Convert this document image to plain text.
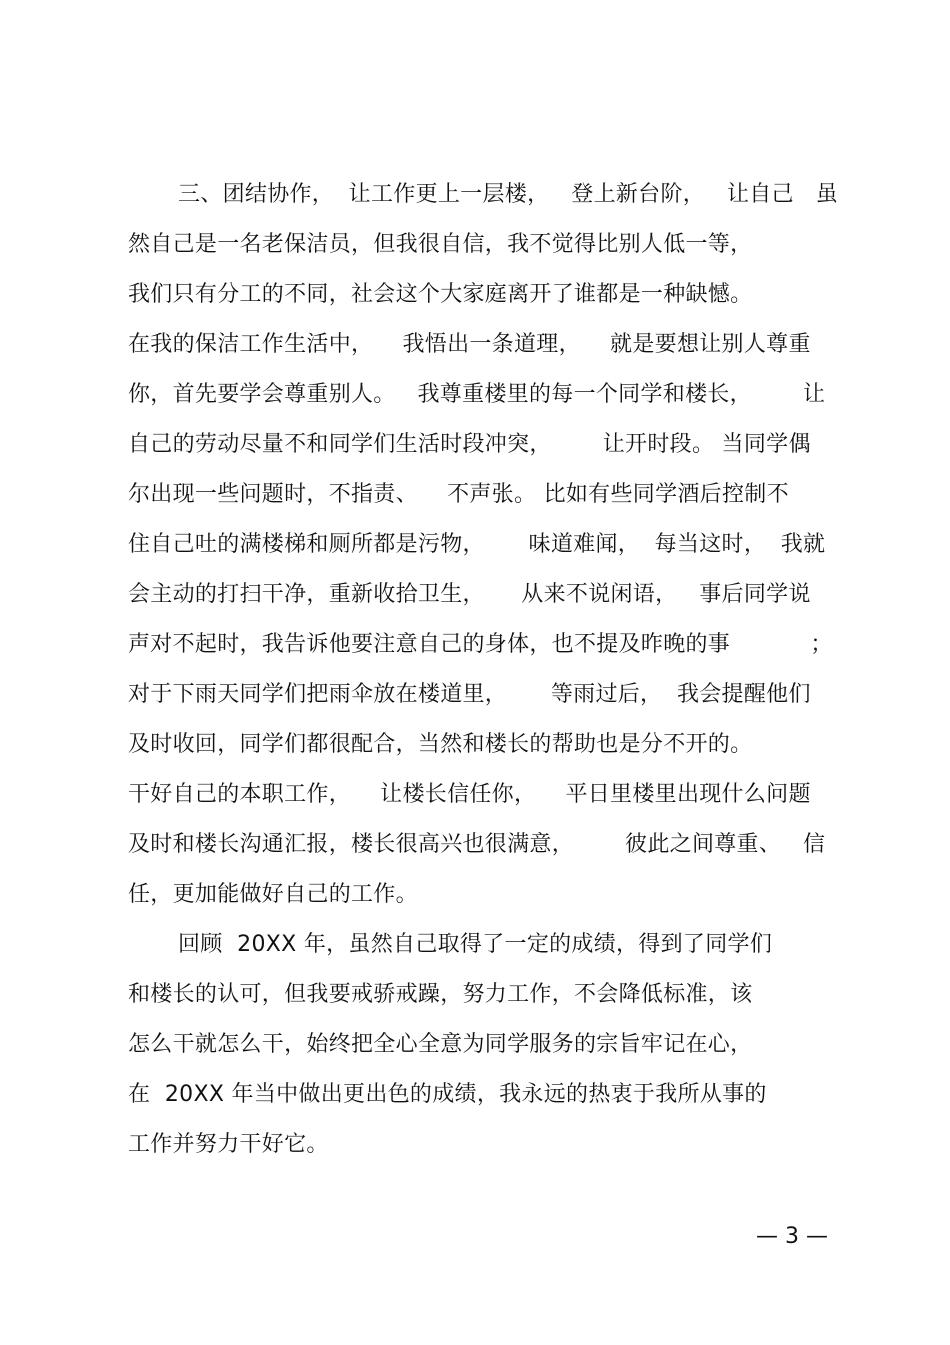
三、团结协作，  让工作更上一层楼，   登上新台阶，   让自己   虽
然自己是一名老保洁员，但我很自信，我不觉得比别人低一等，
我们只有分工的不同，社会这个大家庭离开了谁都是一种缺憾。
在我的保洁工作生活中，    我悟出一条道理，    就是要想让别人尊重
你，首先要学会尊重别人。   我尊重楼里的每一个同学和楼长，       让
自己的劳动尽量不和同学们生活时段冲突，       让开时段。 当同学偶
尔出现一些问题时，不指责、    不声张。 比如有些同学酒后控制不
住自己吐的满楼梯和厕所都是污物，      味道难闻，  每当这时，  我就
会主动的打扫干净，重新收拾卫生，     从来不说闲语，   事后同学说
声对不起时，我告诉他要注意自己的身体，也不提及昨晚的事           ；
对于下雨天同学们把雨伞放在楼道里，      等雨过后，  我会提醒他们
及时收回，同学们都很配合，当然和楼长的帮助也是分不开的。
干好自己的本职工作，    让楼长信任你，    平日里楼里出现什么问题
及时和楼长沟通汇报，楼长很高兴也很满意，       彼此之间尊重、   信
任，更加能做好自己的工作。
回顾  20XX 年，虽然自己取得了一定的成绩，得到了同学们
和楼长的认可，但我要戒骄戒躁，努力工作，不会降低标准，该
怎么干就怎么干，始终把全心全意为同学服务的宗旨牢记在心，
在  20XX 年当中做出更出色的成绩，我永远的热衷于我所从事的
工作并努力干好它。
— 3 —
